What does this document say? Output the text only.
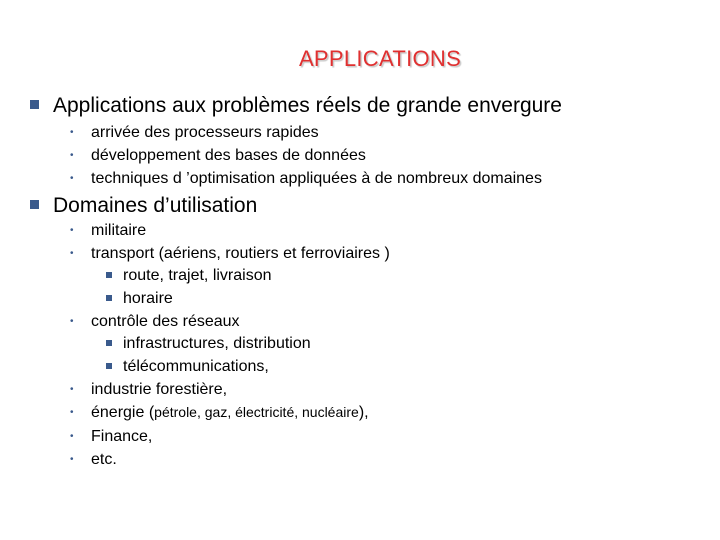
APPLICATIONS
Applications aux problèmes réels de grande envergure
• arrivée des processeurs rapides
• développement des bases de données
• techniques d ’optimisation appliquées à de nombreux domaines
Domaines d’utilisation
• militaire
• transport (aériens, routiers et ferroviaires )
route, trajet, livraison
horaire
• contrôle des réseaux
infrastructures, distribution
télécommunications,
• industrie forestière,
• énergie (pétrole, gaz, électricité, nucléaire),
• Finance,
• etc.
